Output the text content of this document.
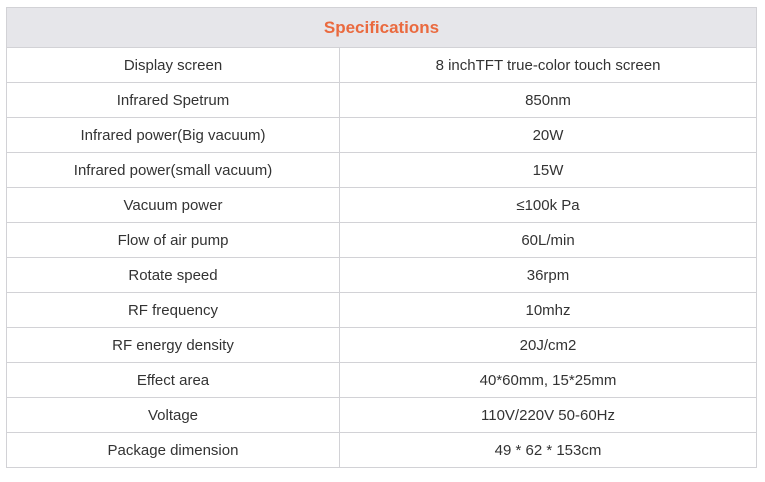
Specifications	
Display screen	8 inchTFT true-color touch screen
Infrared Spetrum	850nm
Infrared power(Big vacuum)	20W
Infrared power(small vacuum)	15W
Vacuum power	≤100k Pa
Flow of air pump	60L/min
Rotate speed	36rpm
RF frequency	10mhz
RF energy density	20J/cm2
Effect area	40*60mm, 15*25mm
Voltage	110V/220V 50-60Hz
Package dimension	49 * 62 * 153cm
